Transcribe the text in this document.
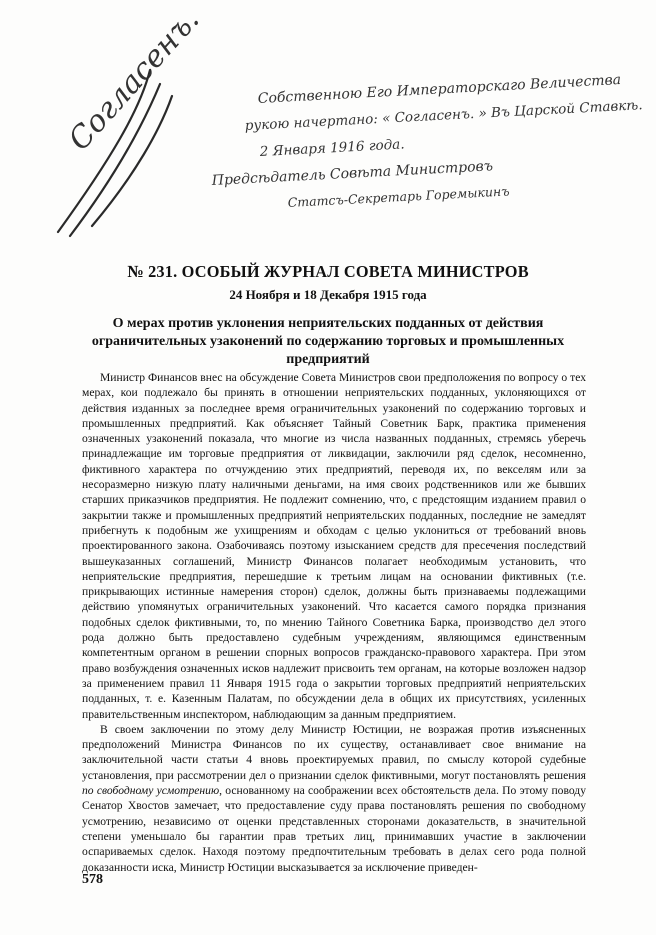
Согласенъ.	Собственною Его Императорскаго Величества
рукою начертано: « Согласенъ. » Въ Царской Ставкѣ.
2 Января 1916 года.
Предсѣдатель Совѣта Министровъ
Статсъ-Секретарь Горемыкинъ
№ 231. ОСОБЫЙ ЖУРНАЛ СОВЕТА МИНИСТРОВ
24 Ноября и 18 Декабря 1915 года
О мерах против уклонения неприятельских подданных от действия ограничительных узаконений по содержанию торговых и промышленных предприятий

Министр Финансов внес на обсуждение Совета Министров свои предположения по вопросу о тех мерах, кои подлежало бы принять в отношении неприятельских подданных, уклоняющихся от действия изданных за последнее время ограничительных узаконений по содержанию торговых и промышленных предприятий. Как объясняет Тайный Советник Барк, практика применения означенных узаконений показала, что многие из числа названных подданных, стремясь уберечь принадлежащие им торговые предприятия от ликвидации, заключили ряд сделок, несомненно, фиктивного характера по отчуждению этих предприятий, переводя их, по векселям или за несоразмерно низкую плату наличными деньгами, на имя своих родственников или же бывших старших приказчиков предприятия. Не подлежит сомнению, что, с предстоящим изданием правил о закрытии также и промышленных предприятий неприятельских подданных, последние не замедлят прибегнуть к подобным же ухищрениям и обходам с целью уклониться от требований вновь проектированного закона. Озабочиваясь поэтому изысканием средств для пресечения последствий вышеуказанных соглашений, Министр Финансов полагает необходимым установить, что неприятельские предприятия, перешедшие к третьим лицам на основании фиктивных (т.е. прикрывающих истинные намерения сторон) сделок, должны быть признаваемы подлежащими действию упомянутых ограничительных узаконений. Что касается самого порядка признания подобных сделок фиктивными, то, по мнению Тайного Советника Барка, производство дел этого рода должно быть предоставлено судебным учреждениям, являющимся единственным компетентным органом в решении спорных вопросов гражданско-правового характера. При этом право возбуждения означенных исков надлежит присвоить тем органам, на которые возложен надзор за применением правил 11 Января 1915 года о закрытии торговых предприятий неприятельских подданных, т. е. Казенным Палатам, по обсуждении дела в общих их присутствиях, усиленных правительственным инспектором, наблюдающим за данным предприятием.

В своем заключении по этому делу Министр Юстиции, не возражая против изъясненных предположений Министра Финансов по их существу, останавливает свое внимание на заключительной части статьи 4 вновь проектируемых правил, по смыслу которой судебные установления, при рассмотрении дел о признании сделок фиктивными, могут постановлять решения по свободному усмотрению, основанному на соображении всех обстоятельств дела. По этому поводу Сенатор Хвостов замечает, что предоставление суду права постановлять решения по свободному усмотрению, независимо от оценки представленных сторонами доказательств, в значительной степени уменьшало бы гарантии прав третьих лиц, принимавших участие в заключении оспариваемых сделок. Находя поэтому предпочтительным требовать в делах сего рода полной доказанности иска, Министр Юстиции высказывается за исключение приведен-

578
